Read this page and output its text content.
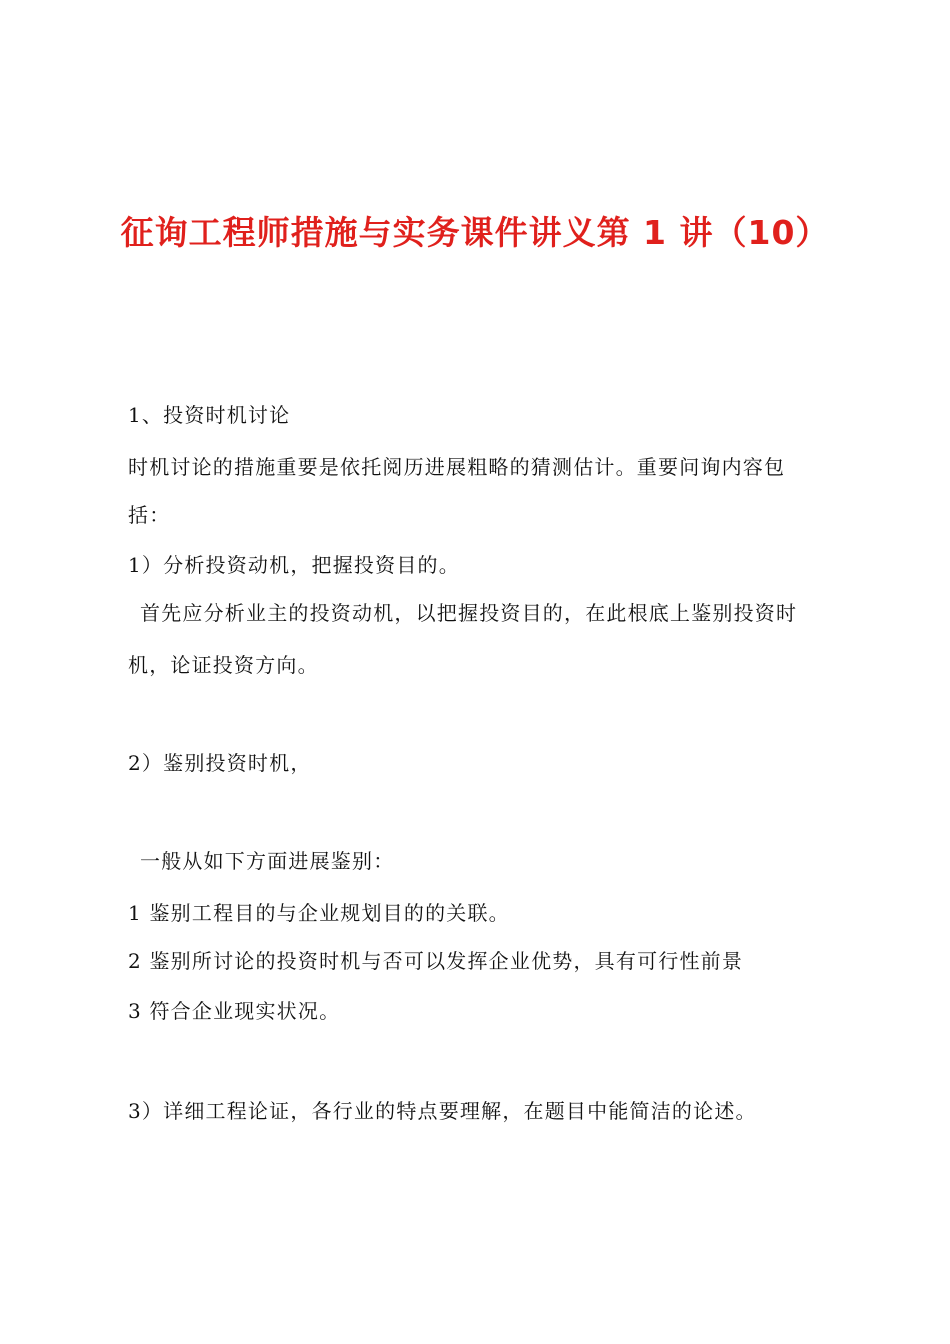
征询工程师措施与实务课件讲义第 1 讲（10）
1、投资时机讨论
时机讨论的措施重要是依托阅历进展粗略的猜测估计。重要问询内容包
括：
1）分析投资动机，把握投资目的。
首先应分析业主的投资动机，以把握投资目的，在此根底上鉴别投资时
机，论证投资方向。
2）鉴别投资时机，
一般从如下方面进展鉴别：
1 鉴别工程目的与企业规划目的的关联。
2 鉴别所讨论的投资时机与否可以发挥企业优势，具有可行性前景
3 符合企业现实状况。
3）详细工程论证，各行业的特点要理解，在题目中能简洁的论述。
